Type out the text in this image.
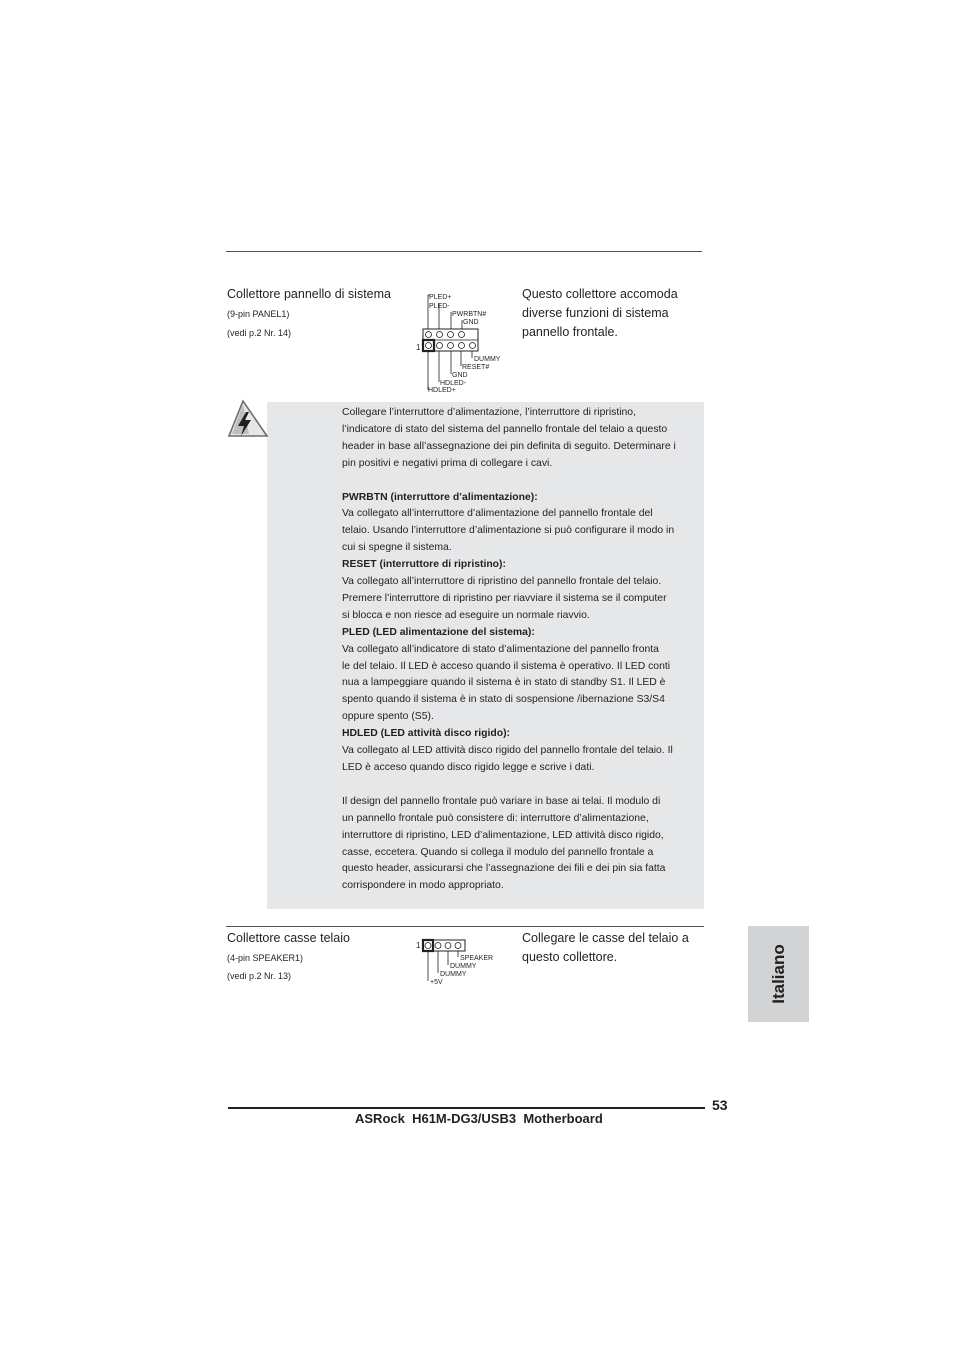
Collettore pannello di sistema
(9-pin PANEL1)
(vedi p.2 Nr. 14)
PLED+
PLED-
PWRBTN#
GND
1
DUMMY
RESET#
GND
HDLED-
HDLED+
Questo collettore accomoda
diverse funzioni di sistema
pannello frontale.

Collegare l’interruttore d’alimentazione, l’interruttore di ripristino,

l’indicatore di stato del sistema del pannello frontale del telaio a questo

header in base all’assegnazione dei pin definita di seguito. Determinare i

pin positivi e negativi prima di collegare i cavi.

PWRBTN (interruttore d’alimentazione):

Va collegato all’interruttore d’alimentazione del pannello frontale del

telaio. Usando l’interruttore d’alimentazione si può configurare il modo in

cui si spegne il sistema.

RESET (interruttore di ripristino):

Va collegato all’interruttore di ripristino del pannello frontale del telaio.

Premere l’interruttore di ripristino per riavviare il sistema se il computer

si blocca e non riesce ad eseguire un normale riavvio.

PLED (LED alimentazione del sistema):

Va collegato all’indicatore di stato d’alimentazione del pannello fronta

le del telaio. Il LED è acceso quando il sistema è operativo. Il LED conti

nua a lampeggiare quando il sistema è in stato di standby S1. Il LED è

spento quando il sistema è in stato di sospensione /ibernazione S3/S4

oppure spento (S5).

HDLED (LED attività disco rigido):

Va collegato al LED attività disco rigido del pannello frontale del telaio. Il

LED è acceso quando disco rigido legge e scrive i dati.

Il design del pannello frontale può variare in base ai telai. Il modulo di

un pannello frontale può consistere di: interruttore d’alimentazione,

interruttore di ripristino, LED d’alimentazione, LED attività disco rigido,

casse, eccetera. Quando si collega il modulo del pannello frontale a

questo header, assicurarsi che l’assegnazione dei fili e dei pin sia fatta

corrispondere in modo appropriato.

Collettore casse telaio
(4-pin SPEAKER1)
(vedi p.2 Nr. 13)
1
SPEAKER
DUMMY
DUMMY
+5V
Collegare le casse del telaio a
questo collettore.	Italiano
53
ASRock  H61M-DG3/USB3  Motherboard
